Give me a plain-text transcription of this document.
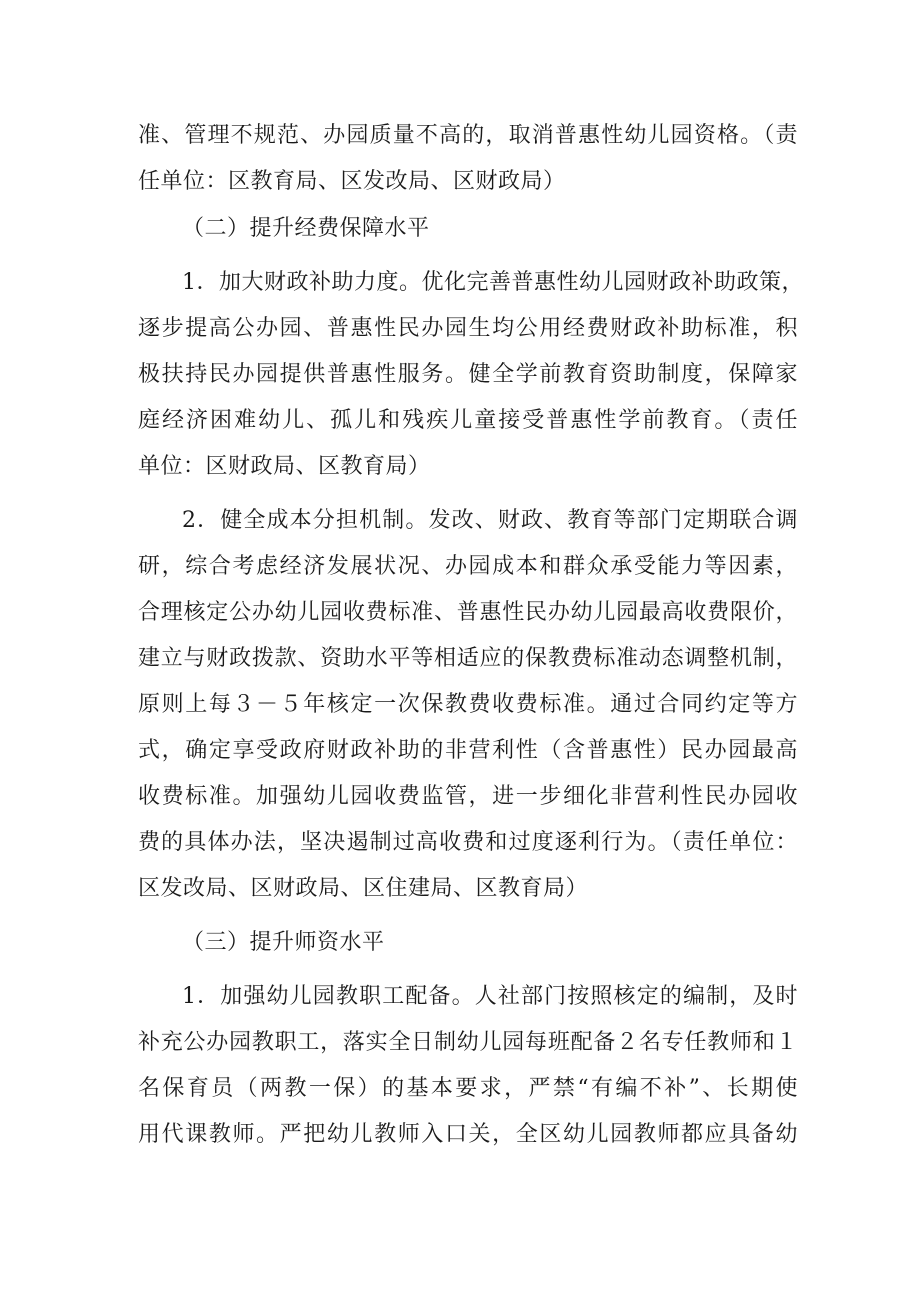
准、管理不规范、办园质量不高的，取消普惠性幼儿园资格。（责
任单位：区教育局、区发改局、区财政局）
（二）提升经费保障水平
1．加大财政补助力度。优化完善普惠性幼儿园财政补助政策，
逐步提高公办园、普惠性民办园生均公用经费财政补助标准，积
极扶持民办园提供普惠性服务。健全学前教育资助制度，保障家
庭经济困难幼儿、孤儿和残疾儿童接受普惠性学前教育。（责任
单位：区财政局、区教育局）
2．健全成本分担机制。发改、财政、教育等部门定期联合调
研，综合考虑经济发展状况、办园成本和群众承受能力等因素，
合理核定公办幼儿园收费标准、普惠性民办幼儿园最高收费限价，
建立与财政拨款、资助水平等相适应的保教费标准动态调整机制，
原则上每３－５年核定一次保教费收费标准。通过合同约定等方
式，确定享受政府财政补助的非营利性（含普惠性）民办园最高
收费标准。加强幼儿园收费监管，进一步细化非营利性民办园收
费的具体办法，坚决遏制过高收费和过度逐利行为。（责任单位：
区发改局、区财政局、区住建局、区教育局）
（三）提升师资水平
1．加强幼儿园教职工配备。人社部门按照核定的编制，及时
补充公办园教职工，落实全日制幼儿园每班配备２名专任教师和１
名保育员（两教一保）的基本要求，严禁“有编不补”、长期使
用代课教师。严把幼儿教师入口关，全区幼儿园教师都应具备幼
